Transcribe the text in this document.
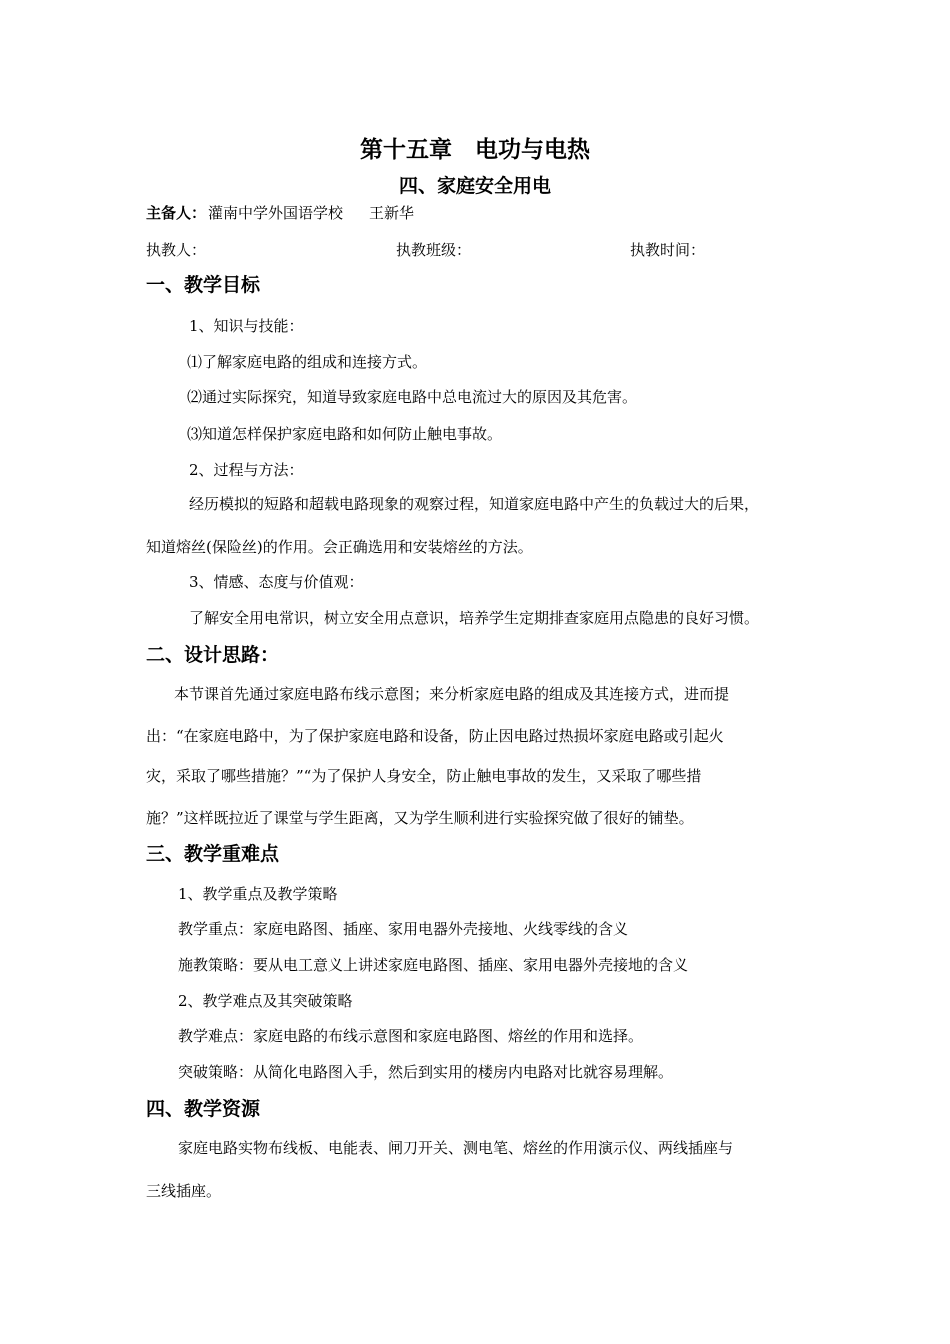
第十五章　电功与电热
四、家庭安全用电
主备人： 灌南中学外国语学校 王新华
执教人：	执教班级：	执教时间：
一、教学目标
1、知识与技能：
⑴了解家庭电路的组成和连接方式。
⑵通过实际探究，知道导致家庭电路中总电流过大的原因及其危害。
⑶知道怎样保护家庭电路和如何防止触电事故。
2、过程与方法：
经历模拟的短路和超载电路现象的观察过程，知道家庭电路中产生的负载过大的后果，
知道熔丝(保险丝)的作用。会正确选用和安装熔丝的方法。
3、情感、态度与价值观：
了解安全用电常识，树立安全用点意识，培养学生定期排查家庭用点隐患的良好习惯。
二、设计思路：
本节课首先通过家庭电路布线示意图；来分析家庭电路的组成及其连接方式，进而提
出：“在家庭电路中，为了保护家庭电路和设备，防止因电路过热损坏家庭电路或引起火
灾，采取了哪些措施？”“为了保护人身安全，防止触电事故的发生，又采取了哪些措
施？”这样既拉近了课堂与学生距离，又为学生顺利进行实验探究做了很好的铺垫。
三、教学重难点
1、教学重点及教学策略
教学重点：家庭电路图、插座、家用电器外壳接地、火线零线的含义
施教策略：要从电工意义上讲述家庭电路图、插座、家用电器外壳接地的含义
2、教学难点及其突破策略
教学难点：家庭电路的布线示意图和家庭电路图、熔丝的作用和选择。
突破策略：从简化电路图入手，然后到实用的楼房内电路对比就容易理解。
四、教学资源
家庭电路实物布线板、电能表、闸刀开关、测电笔、熔丝的作用演示仪、两线插座与
三线插座。
